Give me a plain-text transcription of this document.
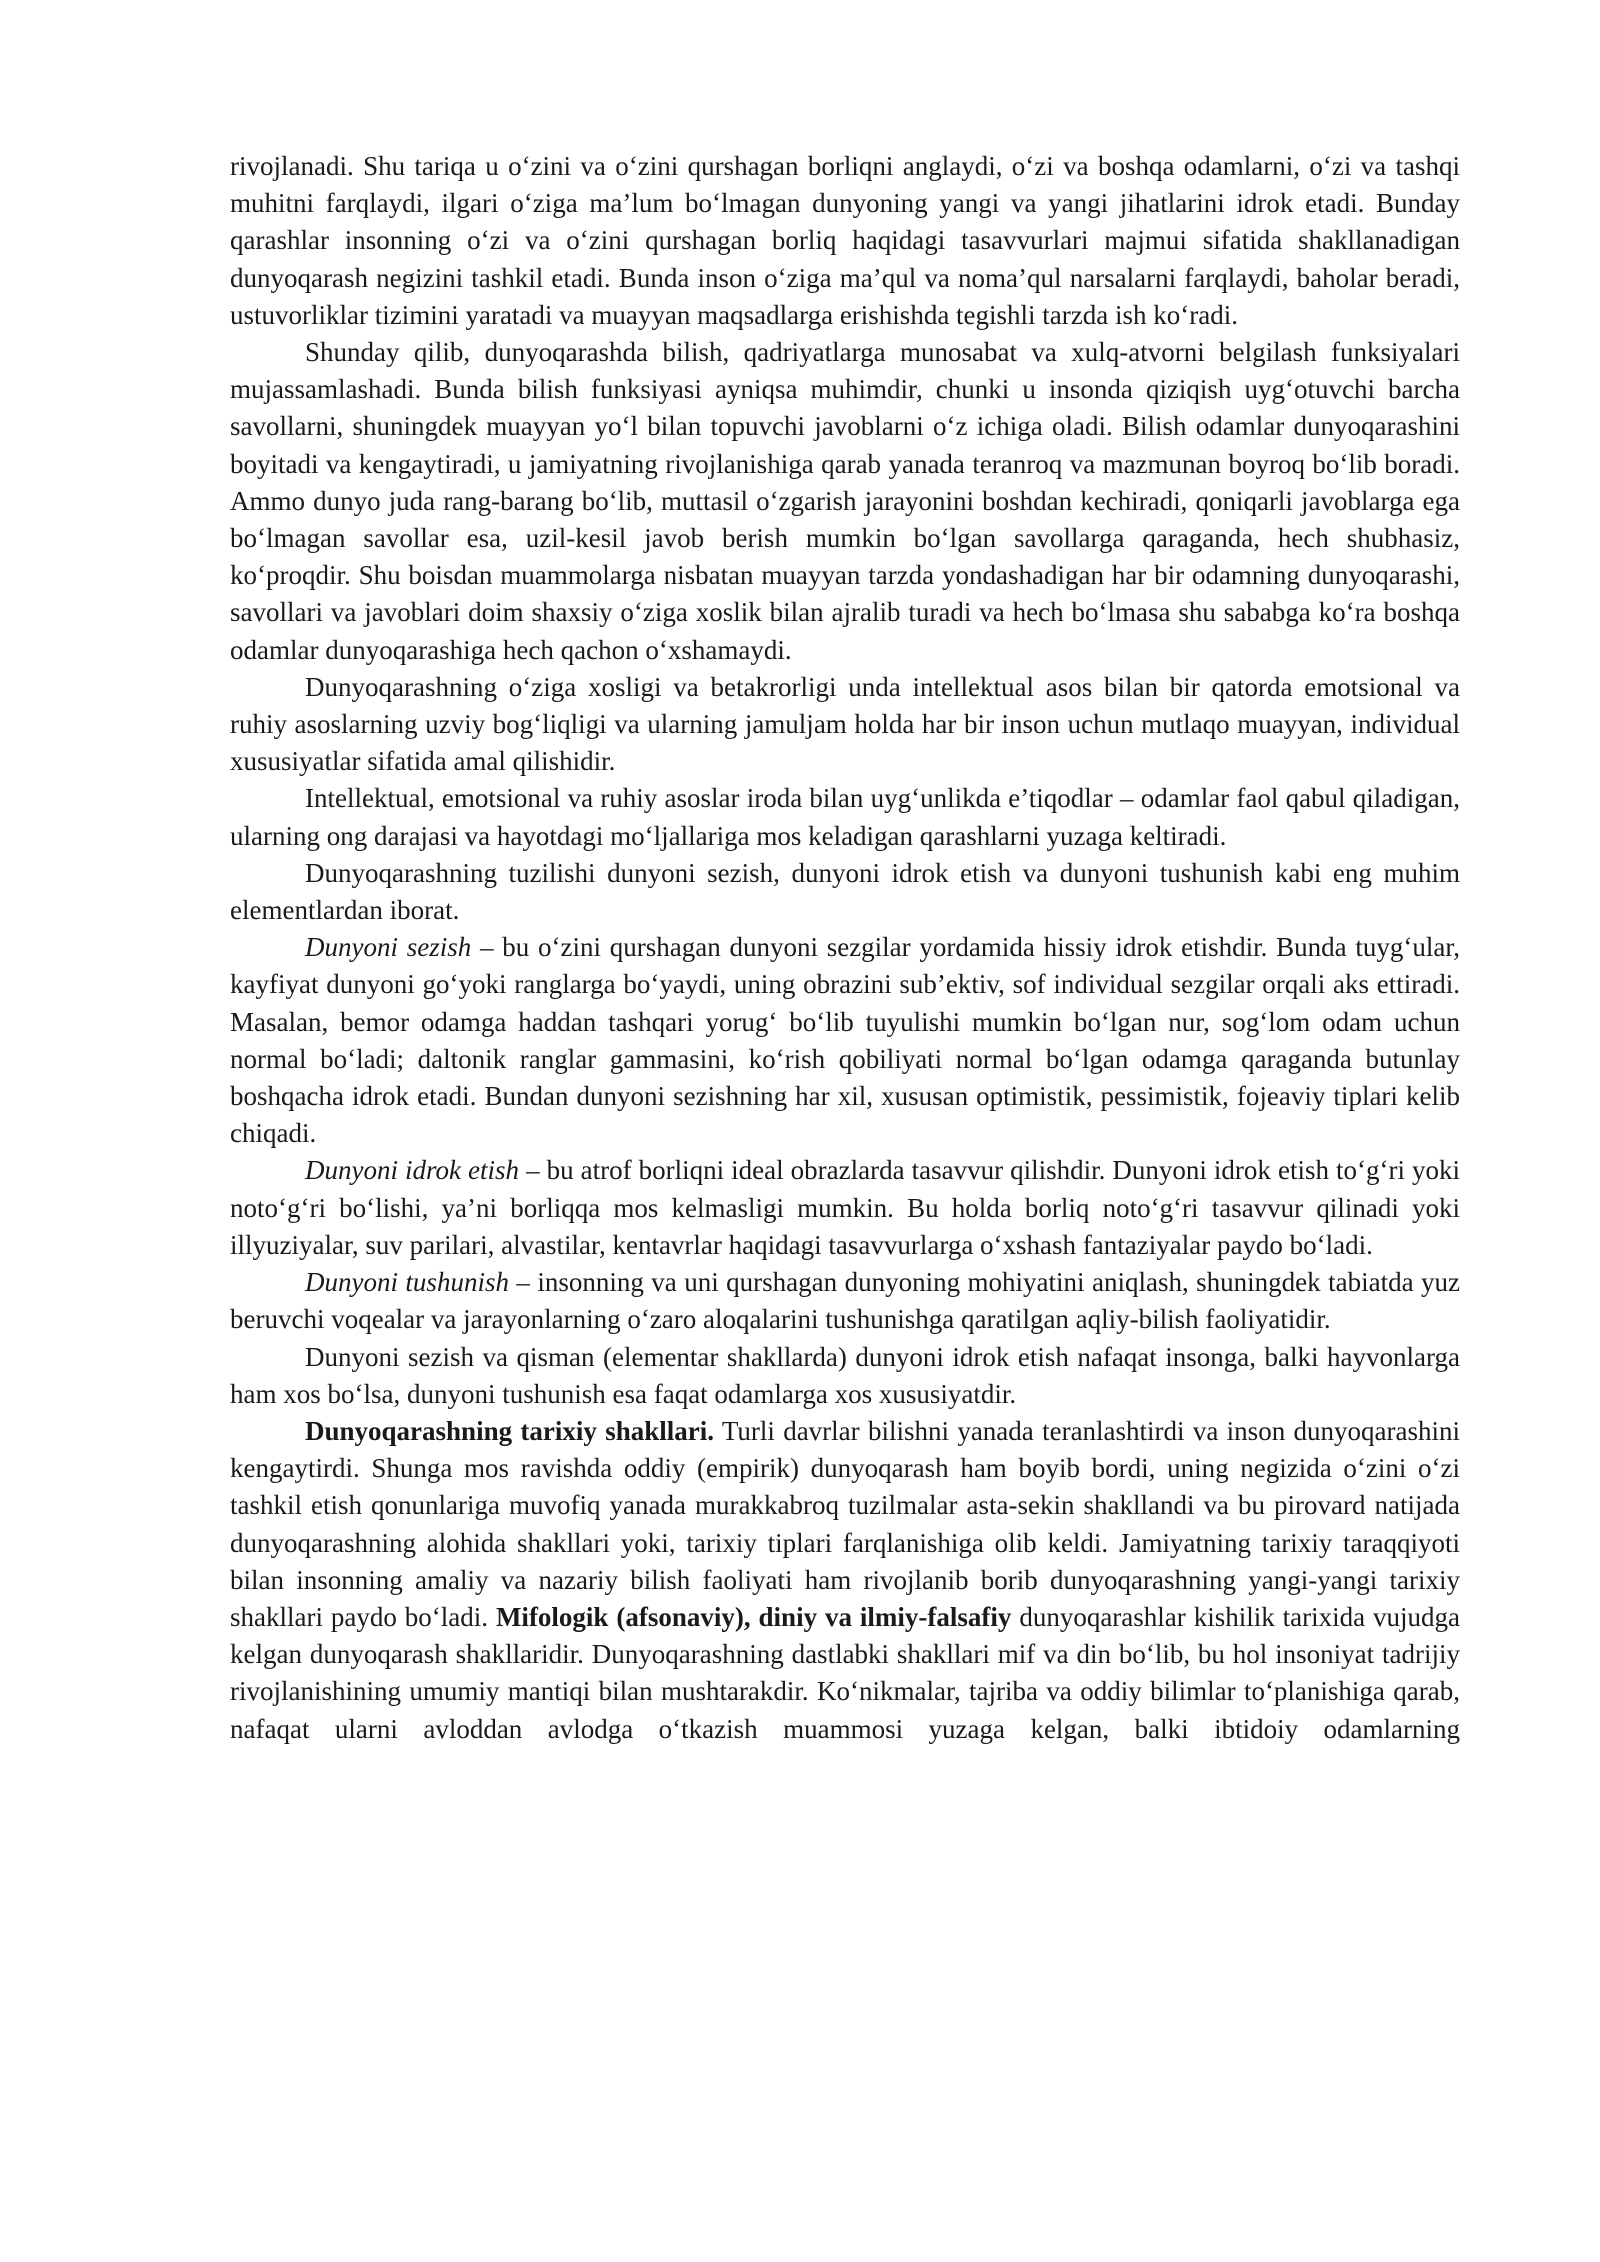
rivojlanadi. Shu tariqa u o‘zini va o‘zini qurshagan borliqni anglaydi, o‘zi va boshqa odamlarni, o‘zi va tashqi muhitni farqlaydi, ilgari o‘ziga ma’lum bo‘lmagan dunyoning yangi va yangi jihatlarini idrok etadi. Bunday qarashlar insonning o‘zi va o‘zini qurshagan borliq haqidagi tasavvurlari majmui sifatida shakllanadigan dunyoqarash negizini tashkil etadi. Bunda inson o‘ziga ma’qul va noma’qul narsalarni farqlaydi, baholar beradi, ustuvorliklar tizimini yaratadi va muayyan maqsadlarga erishishda tegishli tarzda ish ko‘radi.

Shunday qilib, dunyoqarashda bilish, qadriyatlarga munosabat va xulq-atvorni belgilash funksiyalari mujassamlashadi. Bunda bilish funksiyasi ayniqsa muhimdir, chunki u insonda qiziqish uyg‘otuvchi barcha savollarni, shuningdek muayyan yo‘l bilan topuvchi javoblarni o‘z ichiga oladi. Bilish odamlar dunyoqarashini boyitadi va kengaytiradi, u jamiyatning rivojlanishiga qarab yanada teranroq va mazmunan boyroq bo‘lib boradi. Ammo dunyo juda rang-barang bo‘lib, muttasil o‘zgarish jarayonini boshdan kechiradi, qoniqarli javoblarga ega bo‘lmagan savollar esa, uzil-kesil javob berish mumkin bo‘lgan savollarga qaraganda, hech shubhasiz, ko‘proqdir. Shu boisdan muammolarga nisbatan muayyan tarzda yondashadigan har bir odamning dunyoqarashi, savollari va javoblari doim shaxsiy o‘ziga xoslik bilan ajralib turadi va hech bo‘lmasa shu sababga ko‘ra boshqa odamlar dunyoqarashiga hech qachon o‘xshamaydi.

Dunyoqarashning o‘ziga xosligi va betakrorligi unda intellektual asos bilan bir qatorda emotsional va ruhiy asoslarning uzviy bog‘liqligi va ularning jamuljam holda har bir inson uchun mutlaqo muayyan, individual xususiyatlar sifatida amal qilishidir.

Intellektual, emotsional va ruhiy asoslar iroda bilan uyg‘unlikda e’tiqodlar – odamlar faol qabul qiladigan, ularning ong darajasi va hayotdagi mo‘ljallariga mos keladigan qarashlarni yuzaga keltiradi.

Dunyoqarashning tuzilishi dunyoni sezish, dunyoni idrok etish va dunyoni tushunish kabi eng muhim elementlardan iborat.

Dunyoni sezish – bu o‘zini qurshagan dunyoni sezgilar yordamida hissiy idrok etishdir. Bunda tuyg‘ular, kayfiyat dunyoni go‘yoki ranglarga bo‘yaydi, uning obrazini sub’ektiv, sof individual sezgilar orqali aks ettiradi. Masalan, bemor odamga haddan tashqari yorug‘ bo‘lib tuyulishi mumkin bo‘lgan nur, sog‘lom odam uchun normal bo‘ladi; daltonik ranglar gammasini, ko‘rish qobiliyati normal bo‘lgan odamga qaraganda butunlay boshqacha idrok etadi. Bundan dunyoni sezishning har xil, xususan optimistik, pessimistik, fojeaviy tiplari kelib chiqadi.

Dunyoni idrok etish – bu atrof borliqni ideal obrazlarda tasavvur qilishdir. Dunyoni idrok etish to‘g‘ri yoki noto‘g‘ri bo‘lishi, ya’ni borliqqa mos kelmasligi mumkin. Bu holda borliq noto‘g‘ri tasavvur qilinadi yoki illyuziyalar, suv parilari, alvastilar, kentavrlar haqidagi tasavvurlarga o‘xshash fantaziyalar paydo bo‘ladi.

Dunyoni tushunish – insonning va uni qurshagan dunyoning mohiyatini aniqlash, shuningdek tabiatda yuz beruvchi voqealar va jarayonlarning o‘zaro aloqalarini tushunishga qaratilgan aqliy-bilish faoliyatidir.

Dunyoni sezish va qisman (elementar shakllarda) dunyoni idrok etish nafaqat insonga, balki hayvonlarga ham xos bo‘lsa, dunyoni tushunish esa faqat odamlarga xos xususiyatdir.

Dunyoqarashning tarixiy shakllari. Turli davrlar bilishni yanada teranlashtirdi va inson dunyoqarashini kengaytirdi. Shunga mos ravishda oddiy (empirik) dunyoqarash ham boyib bordi, uning negizida o‘zini o‘zi tashkil etish qonunlariga muvofiq yanada murakkabroq tuzilmalar asta-sekin shakllandi va bu pirovard natijada dunyoqarashning alohida shakllari yoki, tarixiy tiplari farqlanishiga olib keldi. Jamiyatning tarixiy taraqqiyoti bilan insonning amaliy va nazariy bilish faoliyati ham rivojlanib borib dunyoqarashning yangi-yangi tarixiy shakllari paydo bo‘ladi. Mifologik (afsonaviy), diniy va ilmiy-falsafiy dunyoqarashlar kishilik tarixida vujudga kelgan dunyoqarash shakllaridir. Dunyoqarashning dastlabki shakllari mif va din bo‘lib, bu hol insoniyat tadrijiy rivojlanishining umumiy mantiqi bilan mushtarakdir. Ko‘nikmalar, tajriba va oddiy bilimlar to‘planishiga qarab, nafaqat ularni avloddan avlodga o‘tkazish muammosi yuzaga kelgan, balki ibtidoiy odamlarning
